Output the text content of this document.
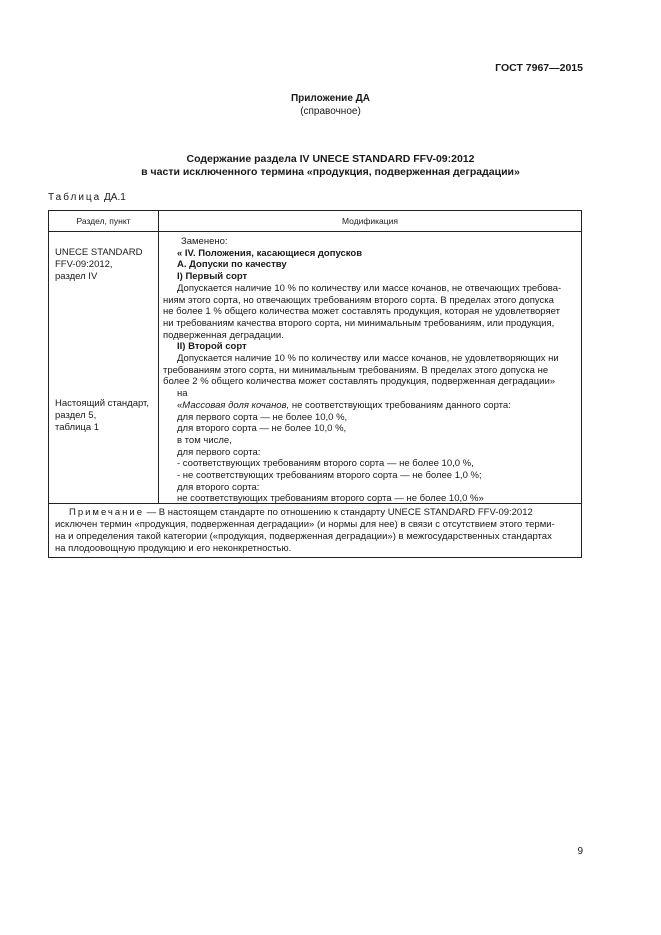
ГОСТ 7967—2015
Приложение ДА
(справочное)
Содержание раздела IV UNECE STANDARD FFV-09:2012
в части исключенного термина «продукция, подверженная деградации»
Таблица ДА.1
Раздел, пункт	Модификация
UNECE STANDARD
FFV-09:2012,
раздел IV
Настоящий стандарт,
раздел 5,
таблица 1
Заменено:
« IV. Положения, касающиеся допусков
А. Допуски по качеству
I) Первый сорт
Допускается наличие 10 % по количеству или массе кочанов, не отвечающих требова-
ниям этого сорта, но отвечающих требованиям второго сорта. В пределах этого допуска
не более 1 % общего количества может составлять продукция, которая не удовлетворяет
ни требованиям качества второго сорта, ни минимальным требованиям, или продукция,
подверженная деградации.
II) Второй сорт
Допускается наличие 10 % по количеству или массе кочанов, не удовлетворяющих ни
требованиям этого сорта, ни минимальным требованиям. В пределах этого допуска не
более 2 % общего количества может составлять продукция, подверженная деградации»
на
«Массовая доля кочанов, не соответствующих требованиям данного сорта:
для первого сорта — не более 10,0 %,
для второго сорта — не более 10,0 %,
в том числе,
для первого сорта:
- соответствующих требованиям второго сорта — не более 10,0 %,
- не соответствующих требованиям второго сорта — не более 1,0 %;
для второго сорта:
не соответствующих требованиям второго сорта — не более 10,0 %»
Примечание — В настоящем стандарте по отношению к стандарту UNECE STANDARD FFV-09:2012
исключен термин «продукция, подверженная деградации» (и нормы для нее) в связи с отсутствием этого терми-
на и определения такой категории («продукция, подверженная деградации») в межгосударственных стандартах
на плодоовощную продукцию и его неконкретностью.
9
